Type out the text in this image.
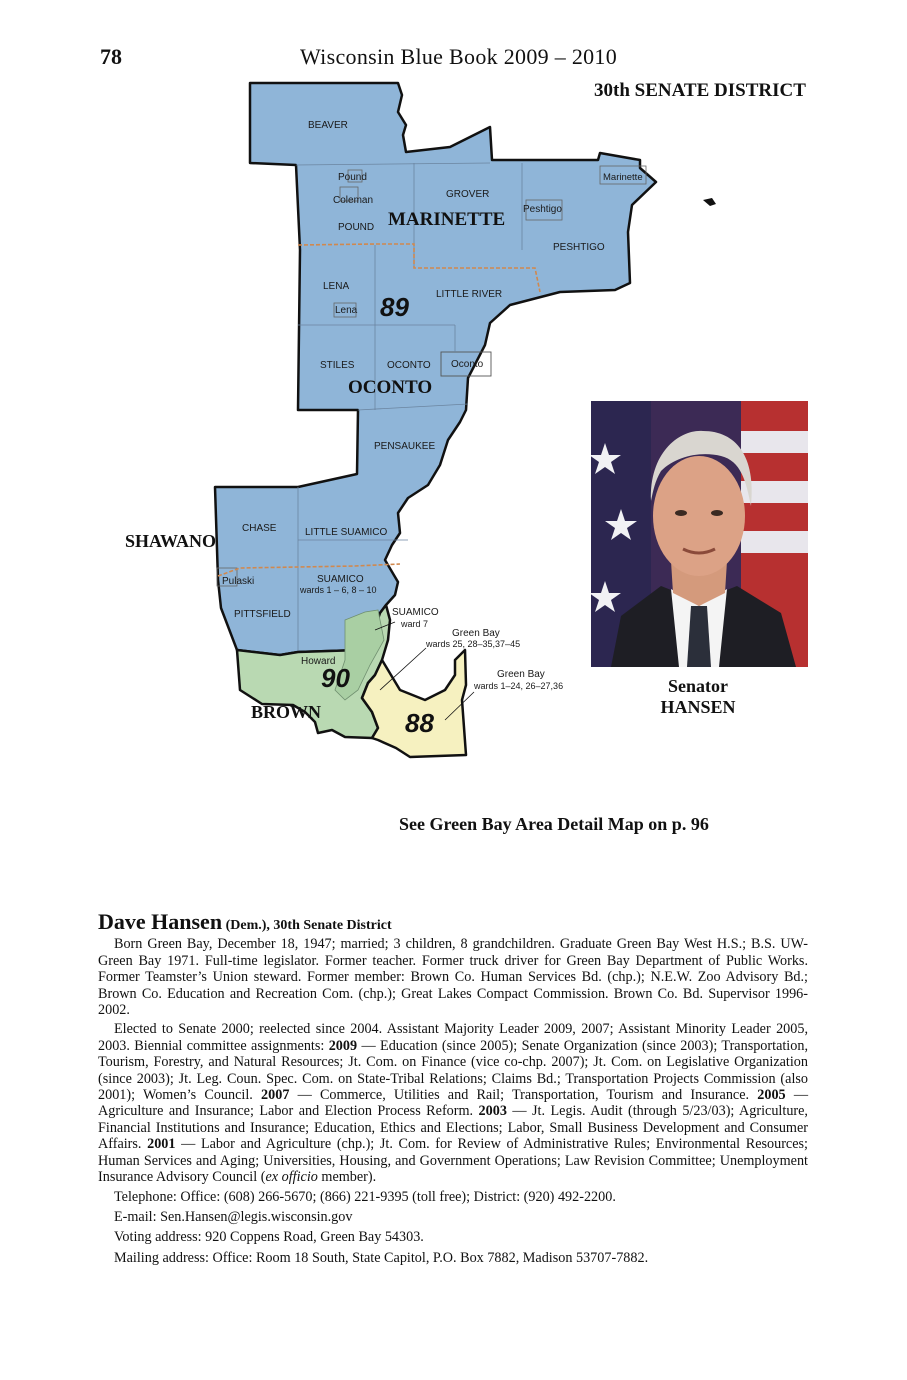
78	Wisconsin Blue Book 2009 – 2010
30th SENATE DISTRICT
BEAVER
Pound
Coleman
POUND
GROVER
Marinette
Peshtigo
PESHTIGO
LENA
Lena
LITTLE RIVER
STILES	OCONTO Oconto
PENSAUKEE
CHASE	LITTLE SUAMICO
Pulaski	SUAMICO
wards 1 – 6, 8 – 10
PITTSFIELD	SUAMICO
ward 7
Green Bay
wards 25, 28–35,37–45
Howard
Green Bay
wards 1–24, 26–27,36
MARINETTE
OCONTO
SHAWANO
BROWN
89
90
88
Senator
HANSEN
See Green Bay Area Detail Map on p. 96
Dave Hansen (Dem.), 30th Senate District

Born Green Bay, December 18, 1947; married; 3 children, 8 grandchildren. Graduate Green Bay West H.S.; B.S. UW-Green Bay 1971. Full-time legislator. Former teacher. Former truck driver for Green Bay Department of Public Works. Former Teamster’s Union steward. Former member: Brown Co. Human Services Bd. (chp.); N.E.W. Zoo Advisory Bd.; Brown Co. Education and Recreation Com. (chp.); Great Lakes Compact Commission. Brown Co. Bd. Supervisor 1996-2002.

Elected to Senate 2000; reelected since 2004. Assistant Majority Leader 2009, 2007; Assistant Minority Leader 2005, 2003. Biennial committee assignments: 2009 — Education (since 2005); Senate Organization (since 2003); Transportation, Tourism, Forestry, and Natural Resources; Jt. Com. on Finance (vice co-chp. 2007); Jt. Com. on Legislative Organization (since 2003); Jt. Leg. Coun. Spec. Com. on State-Tribal Relations; Claims Bd.; Transportation Projects Commission (also 2001); Women’s Council. 2007 — Commerce, Utilities and Rail; Transportation, Tourism and Insurance. 2005 — Agriculture and Insurance; Labor and Election Process Reform. 2003 — Jt. Legis. Audit (through 5/23/03); Agriculture, Financial Institutions and Insurance; Education, Ethics and Elections; Labor, Small Business Development and Consumer Affairs. 2001 — Labor and Agriculture (chp.); Jt. Com. for Review of Administrative Rules; Environmental Resources; Human Services and Aging; Universities, Housing, and Government Operations; Law Revision Committee; Unemployment Insurance Advisory Council (ex officio member).

Telephone: Office: (608) 266-5670; (866) 221-9395 (toll free); District: (920) 492-2200.

E-mail: Sen.Hansen@legis.wisconsin.gov

Voting address: 920 Coppens Road, Green Bay 54303.

Mailing address: Office: Room 18 South, State Capitol, P.O. Box 7882, Madison 53707-7882.
